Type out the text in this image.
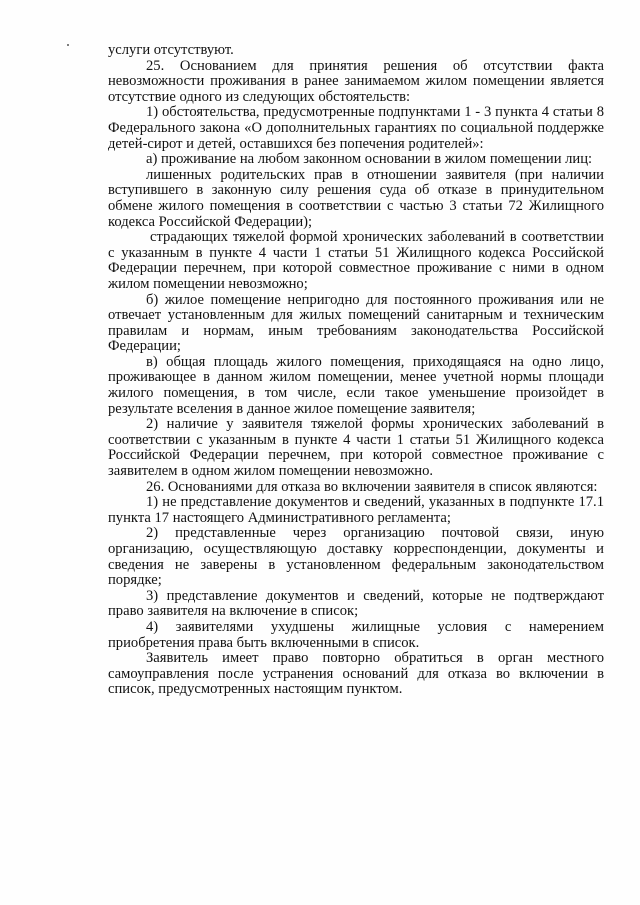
услуги отсутствуют.

25. Основанием для принятия решения об отсутствии факта невозможности проживания в ранее занимаемом жилом помещении является отсутствие одного из следующих обстоятельств:

1) обстоятельства, предусмотренные подпунктами 1 - 3 пункта 4 статьи 8 Федерального закона «О дополнительных гарантиях по социальной поддержке детей-сирот и детей, оставшихся без попечения родителей»:

а) проживание на любом законном основании в жилом помещении лиц:

лишенных родительских прав в отношении заявителя (при наличии вступившего в законную силу решения суда об отказе в принудительном обмене жилого помещения в соответствии с частью 3 статьи 72 Жилищного кодекса Российской Федерации);

страдающих тяжелой формой хронических заболеваний в соответствии с указанным в пункте 4 части 1 статьи 51 Жилищного кодекса Российской Федерации перечнем, при которой совместное проживание с ними в одном жилом помещении невозможно;

б) жилое помещение непригодно для постоянного проживания или не отвечает установленным для жилых помещений санитарным и техническим правилам и нормам, иным требованиям законодательства Российской Федерации;

в) общая площадь жилого помещения, приходящаяся на одно лицо, проживающее в данном жилом помещении, менее учетной нормы площади жилого помещения, в том числе, если такое уменьшение произойдет в результате вселения в данное жилое помещение заявителя;

2) наличие у заявителя тяжелой формы хронических заболеваний в соответствии с указанным в пункте 4 части 1 статьи 51 Жилищного кодекса Российской Федерации перечнем, при которой совместное проживание с заявителем в одном жилом помещении невозможно.

26. Основаниями для отказа во включении заявителя в список являются:

1) не представление документов и сведений, указанных в подпункте 17.1 пункта 17 настоящего Административного регламента;

2) представленные через организацию почтовой связи, иную организацию, осуществляющую доставку корреспонденции, документы и сведения не заверены в установленном федеральным законодательством порядке;

3) представление документов и сведений, которые не подтверждают право заявителя на включение в список;

4) заявителями ухудшены жилищные условия с намерением приобретения права быть включенными в список.

Заявитель имеет право повторно обратиться в орган местного самоуправления после устранения оснований для отказа во включении в список, предусмотренных настоящим пунктом.
